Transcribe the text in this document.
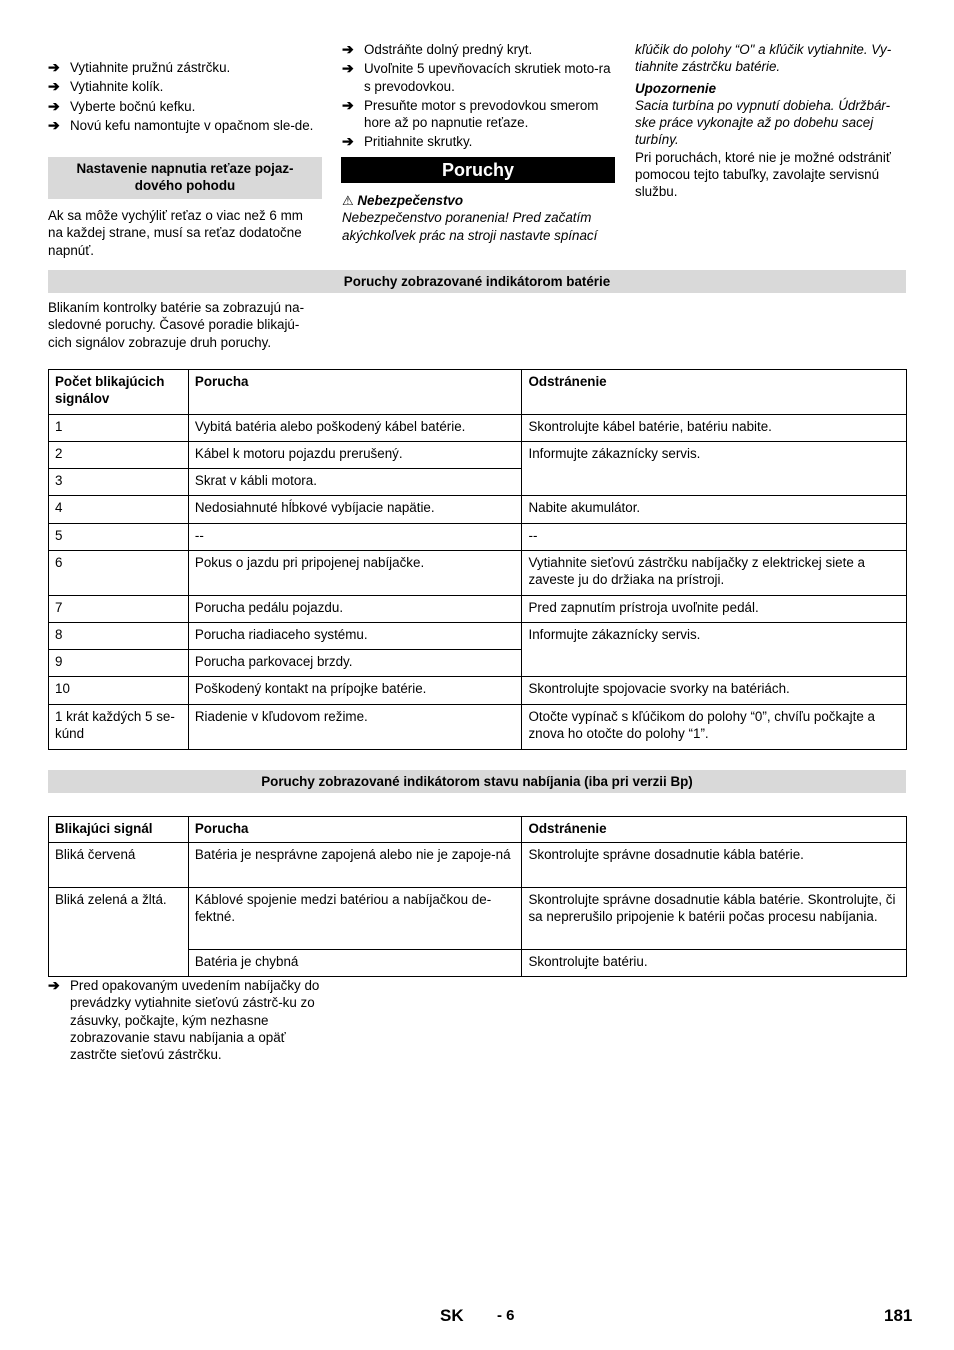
➔ Vytiahnite pružnú zástrčku.
➔ Vytiahnite kolík.
➔ Vyberte bočnú kefku.
➔ Novú kefu namontujte v opačnom sle-de.
Nastavenie napnutia reťaze pojaz-
dového pohodu
Ak sa môže vychýliť reťaz o viac než 6 mm na každej strane, musí sa reťaz dodatočne napnúť.
➔ Odstráňte dolný predný kryt.
➔ Uvoľnite 5 upevňovacích skrutiek moto-ra s prevodovkou.
➔ Presuňte motor s prevodovkou smerom hore až po napnutie reťaze.
➔ Pritiahnite skrutky.
Poruchy
⚠ Nebezpečenstvo
Nebezpečenstvo poranenia! Pred začatím akýchkoľvek prác na stroji nastavte spínací
kľúčik do polohy “O" a kľúčik vytiahnite. Vy-tiahnite zástrčku batérie.
Upozornenie
Sacia turbína po vypnutí dobieha. Údržbár-ske práce vykonajte až po dobehu sacej turbíny.
Pri poruchách, ktoré nie je možné odstrániť pomocou tejto tabuľky, zavolajte servisnú službu.
Poruchy zobrazované indikátorom batérie
Blikaním kontrolky batérie sa zobrazujú na-sledovné poruchy. Časové poradie blikajú-cich signálov zobrazuje druh poruchy.
Počet blikajúcich signálov	Porucha	Odstránenie
1	Vybitá batéria alebo poškodený kábel batérie.	Skontrolujte kábel batérie, batériu nabite.
2	Kábel k motoru pojazdu prerušený.	Informujte zákaznícky servis.
3	Skrat v kábli motora.	
4	Nedosiahnuté hĺbkové vybíjacie napätie.	Nabite akumulátor.
5	--	--
6	Pokus o jazdu pri pripojenej nabíjačke.	Vytiahnite sieťovú zástrčku nabíjačky z elektrickej siete a zaveste ju do držiaka na prístroji.
7	Porucha pedálu pojazdu.	Pred zapnutím prístroja uvoľnite pedál.
8	Porucha riadiaceho systému.	Informujte zákaznícky servis.
9	Porucha parkovacej brzdy.	
10	Poškodený kontakt na prípojke batérie.	Skontrolujte spojovacie svorky na batériách.
1 krát každých 5 se-kúnd	Riadenie v kľudovom režime.	Otočte vypínač s kľúčikom do polohy “0”, chvíľu počkajte a znova ho otočte do polohy “1”.
Poruchy zobrazované indikátorom stavu nabíjania (iba pri verzii Bp)
Blikajúci signál	Porucha	Odstránenie
Bliká červená	Batéria je nesprávne zapojená alebo nie je zapoje-ná	Skontrolujte správne dosadnutie kábla batérie.
Bliká zelená a žltá.	Káblové spojenie medzi batériou a nabíjačkou de-fektné.	Skontrolujte správne dosadnutie kábla batérie. Skontrolujte, či sa neprerušilo pripojenie k batérii počas procesu nabíjania.
	Batéria je chybná	Skontrolujte batériu.
➔ Pred opakovaným uvedením nabíjačky do prevádzky vytiahnite sieťovú zástrč-ku zo zásuvky, počkajte, kým nezhasne zobrazovanie stavu nabíjania a opäť zastrčte sieťovú zástrčku.
SK - 6	181
